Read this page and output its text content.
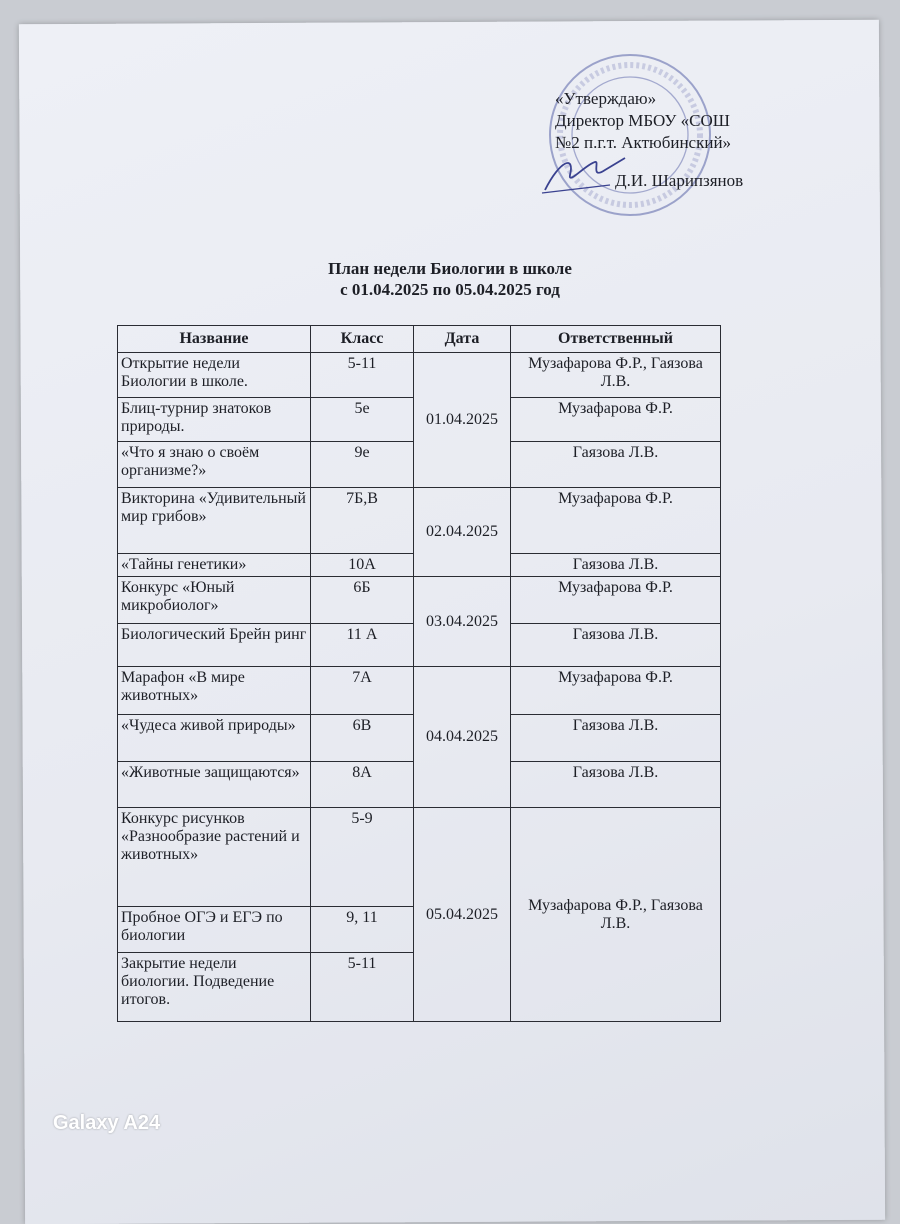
«Утверждаю»
Директор МБОУ «СОШ
№2 п.г.т. Актюбинский»
Д.И. Шарипзянов
План недели Биологии в школе
с 01.04.2025 по 05.04.2025 год
Название	Класс	Дата	Ответственный
Открытие недели Биологии в школе.	5-11	01.04.2025	Музафарова Ф.Р., Гаязова Л.В.
Блиц-турнир знатоков природы.	5е		Музафарова Ф.Р.
«Что я знаю о своём организме?»	9е		Гаязова Л.В.
Викторина «Удивительный мир грибов»	7Б,В	02.04.2025	Музафарова Ф.Р.
«Тайны генетики»	10А		Гаязова Л.В.
Конкурс «Юный микробиолог»	6Б	03.04.2025	Музафарова Ф.Р.
Биологический Брейн ринг	11 А		Гаязова Л.В.
Марафон «В мире животных»	7А	04.04.2025	Музафарова Ф.Р.
«Чудеса живой природы»	6В		Гаязова Л.В.
«Животные защищаются»	8А		Гаязова Л.В.
Конкурс рисунков «Разнообразие растений и животных»	5-9	05.04.2025	Музафарова Ф.Р., Гаязова Л.В.
Пробное ОГЭ и ЕГЭ по биологии	9, 11		
Закрытие недели биологии. Подведение итогов.	5-11		
Galaxy A24
